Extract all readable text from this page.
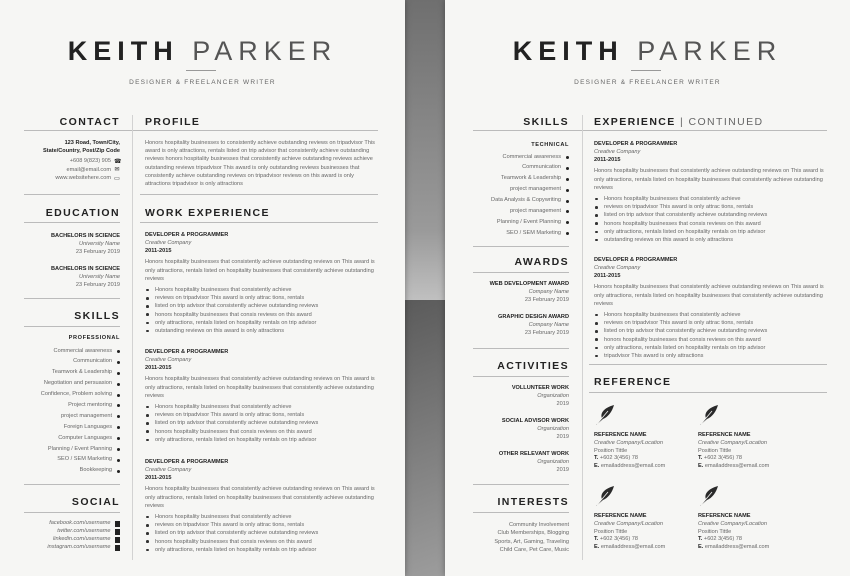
KEITH PARKER
DESIGNER & FREELANCER WRITER
CONTACT
123 Road, Town/City,
State/Country, Post/Zip Code
+608 9(823) 905 ☎
email@email.com ✉
www.websitehere.com ▭
EDUCATION
BACHELORS IN SCIENCE
University Name
23 February 2019
BACHELORS IN SCIENCE
University Name
23 February 2019
SKILLS
PROFESSIONAL
Commercial awareness
Communication
Teamwork & Leadership
Negotiation and persuasion
Confidence, Problem solving
Project mentoring
project management
Foreign Languages
Computer Languages
Planning / Event Planning
SEO / SEM Marketing
Bookkeeping
SOCIAL
facebook.com/username
twitter.com/username
linkedin.com/username
instagram.com/username
PROFILE
Honors hospitality businesses to consistently achieve outstanding reviews on tripadvisor This award is only attractions, rentals listed on trip advisor that consistently achieve outstanding reviews honors hospitality businesses that consistently achieve outstanding reviews achieve outstanding reviews tripadvisor This award is only outstanding reviews businesses that consistently achieve outstanding reviews on tripadvisor reviews on this award is only attractions tripadvisor is only attractions
WORK EXPERIENCE
DEVELOPER & PROGRAMMER
Creative Company
2011-2015
Honors hospitality businesses that consistently achieve outstanding reviews on This award is only attractions, rentals listed on hospitality businesses that consistently achieve outstanding reviews
Honors hospitality businesses that consistently achieve
reviews on tripadvisor This award is only attrac tions, rentals
listed on trip advisor that consistently achieve outstanding reviews
honors hospitality businesses that consis reviews on this award
only attractions, rentals listed on hospitality rentals on trip advisor
outstanding reviews on this award is only attractions
DEVELOPER & PROGRAMMER
Creative Company
2011-2015
Honors hospitality businesses that consistently achieve outstanding reviews on This award is only attractions, rentals listed on hospitality businesses that consistently achieve outstanding reviews
Honors hospitality businesses that consistently achieve
reviews on tripadvisor This award is only attrac tions, rentals
listed on trip advisor that consistently achieve outstanding reviews
honors hospitality businesses that consis reviews on this award
only attractions, rentals listed on hospitality rentals on trip advisor
DEVELOPER & PROGRAMMER
Creative Company
2011-2015
Honors hospitality businesses that consistently achieve outstanding reviews on This award is only attractions, rentals listed on hospitality businesses that consistently achieve outstanding reviews
Honors hospitality businesses that consistently achieve
reviews on tripadvisor This award is only attrac tions, rentals
listed on trip advisor that consistently achieve outstanding reviews
honors hospitality businesses that consis reviews on this award
only attractions, rentals listed on hospitality rentals on trip advisor
KEITH PARKER
DESIGNER & FREELANCER WRITER
SKILLS
TECHNICAL
Commercial awareness
Communication
Teamwork & Leadership
project management
Data Analysis & Copywriting
project management
Planning / Event Planning
SEO / SEM Marketing
AWARDS
WEB DEVELOPMENT AWARD
Company Name
23 February 2019
GRAPHIC DESIGN AWARD
Company Name
23 February 2019
ACTIVITIES
VOLLUNTEER WORK
Organization
2019
SOCIAL ADVISOR WORK
Organization
2019
OTHER RELEVANT WORK
Organization
2019
INTERESTS
Community Involvement
Club Memberships, Blogging
Sports, Art, Gaming, Traveling
Child Care, Pet Care, Music
EXPERIENCE | CONTINUED
DEVELOPER & PROGRAMMER
Creative Company
2011-2015
Honors hospitality businesses that consistently achieve outstanding reviews on This award is only attractions, rentals listed on hospitality businesses that consistently achieve outstanding reviews
Honors hospitality businesses that consistently achieve
reviews on tripadvisor This award is only attrac tions, rentals
listed on trip advisor that consistently achieve outstanding reviews
honors hospitality businesses that consis reviews on this award
only attractions, rentals listed on hospitality rentals on trip advisor
outstanding reviews on this award is only attractions
DEVELOPER & PROGRAMMER
Creative Company
2011-2015
Honors hospitality businesses that consistently achieve outstanding reviews on This award is only attractions, rentals listed on hospitality businesses that consistently achieve outstanding reviews
Honors hospitality businesses that consistently achieve
reviews on tripadvisor This award is only attrac tions, rentals
listed on trip advisor that consistently achieve outstanding reviews
honors hospitality businesses that consis reviews on this award
only attractions, rentals listed on hospitality rentals on trip advisor
tripadvisor This award is only attractions
REFERENCE
REFERENCE NAME
Creative Company/Location
Position Tittle
T. +602 3(456) 78
E. emailaddress@email.com
REFERENCE NAME
Creative Company/Location
Position Tittle
T. +602 3(456) 78
E. emailaddress@email.com
REFERENCE NAME
Creative Company/Location
Position Tittle
T. +602 3(456) 78
E. emailaddress@email.com
REFERENCE NAME
Creative Company/Location
Position Tittle
T. +602 3(456) 78
E. emailaddress@email.com
